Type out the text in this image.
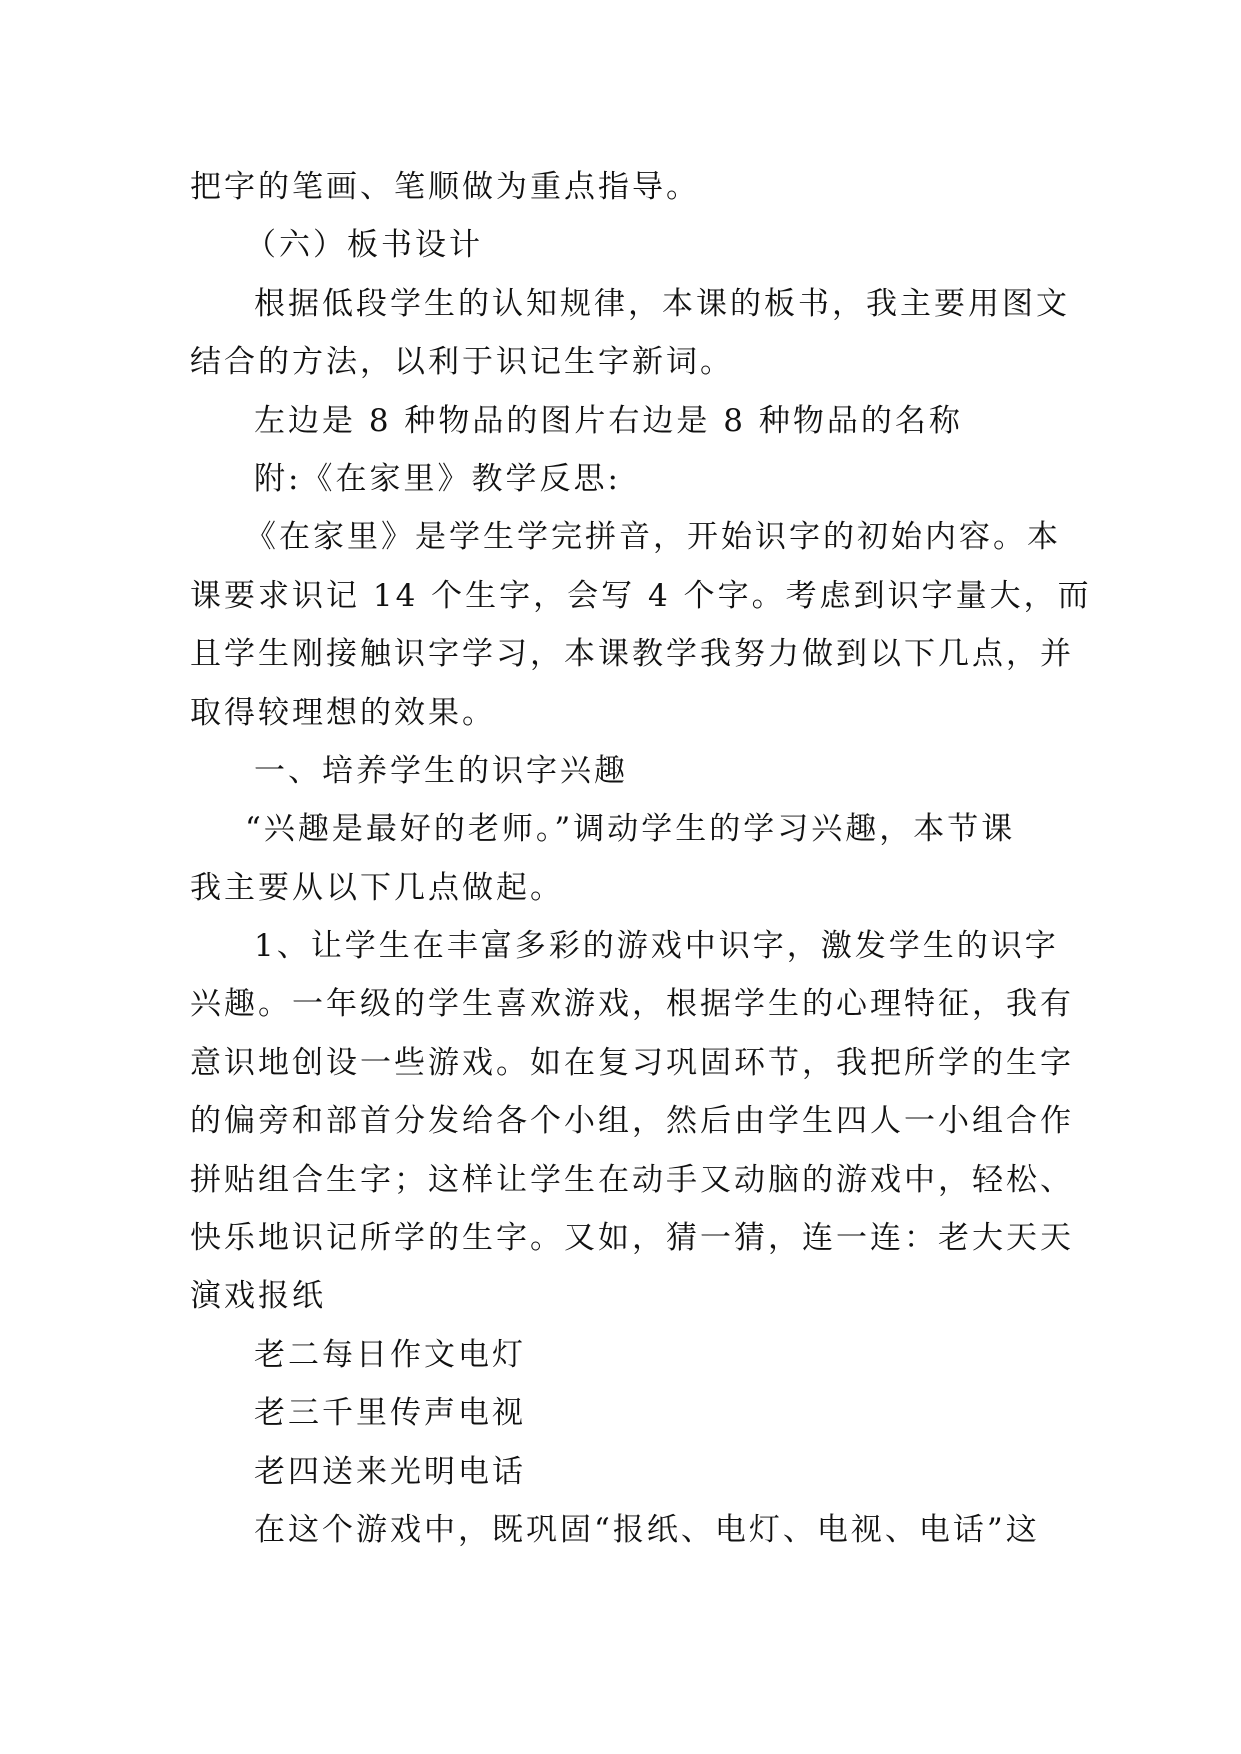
把字的笔画、笔顺做为重点指导。
（六）板书设计
根据低段学生的认知规律，本课的板书，我主要用图文
结合的方法，以利于识记生字新词。
左边是 8 种物品的图片右边是 8 种物品的名称
附:《在家里》教学反思:
《在家里》是学生学完拼音，开始识字的初始内容。本
课要求识记 14 个生字，会写 4 个字。考虑到识字量大，而
且学生刚接触识字学习，本课教学我努力做到以下几点，并
取得较理想的效果。
一、培养学生的识字兴趣
“兴趣是最好的老师。”调动学生的学习兴趣，本节课
我主要从以下几点做起。
1、让学生在丰富多彩的游戏中识字，激发学生的识字
兴趣。一年级的学生喜欢游戏，根据学生的心理特征，我有
意识地创设一些游戏。如在复习巩固环节，我把所学的生字
的偏旁和部首分发给各个小组，然后由学生四人一小组合作
拼贴组合生字；这样让学生在动手又动脑的游戏中，轻松、
快乐地识记所学的生字。又如，猜一猜，连一连：老大天天
演戏报纸
老二每日作文电灯
老三千里传声电视
老四送来光明电话
在这个游戏中，既巩固“报纸、电灯、电视、电话”这
